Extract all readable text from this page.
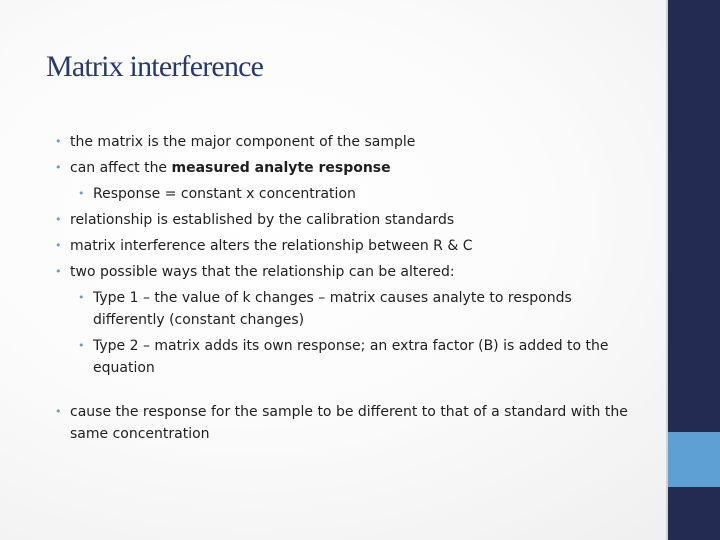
Matrix interference
• the matrix is the major component of the sample
• can affect the measured analyte response
• Response = constant x concentration
• relationship is established by the calibration standards
• matrix interference alters the relationship between R & C
• two possible ways that the relationship can be altered:
• Type 1 – the value of k changes – matrix causes analyte to responds differently (constant changes)
• Type 2 – matrix adds its own response; an extra factor (B) is added to the equation
• cause the response for the sample to be different to that of a standard with the same concentration
